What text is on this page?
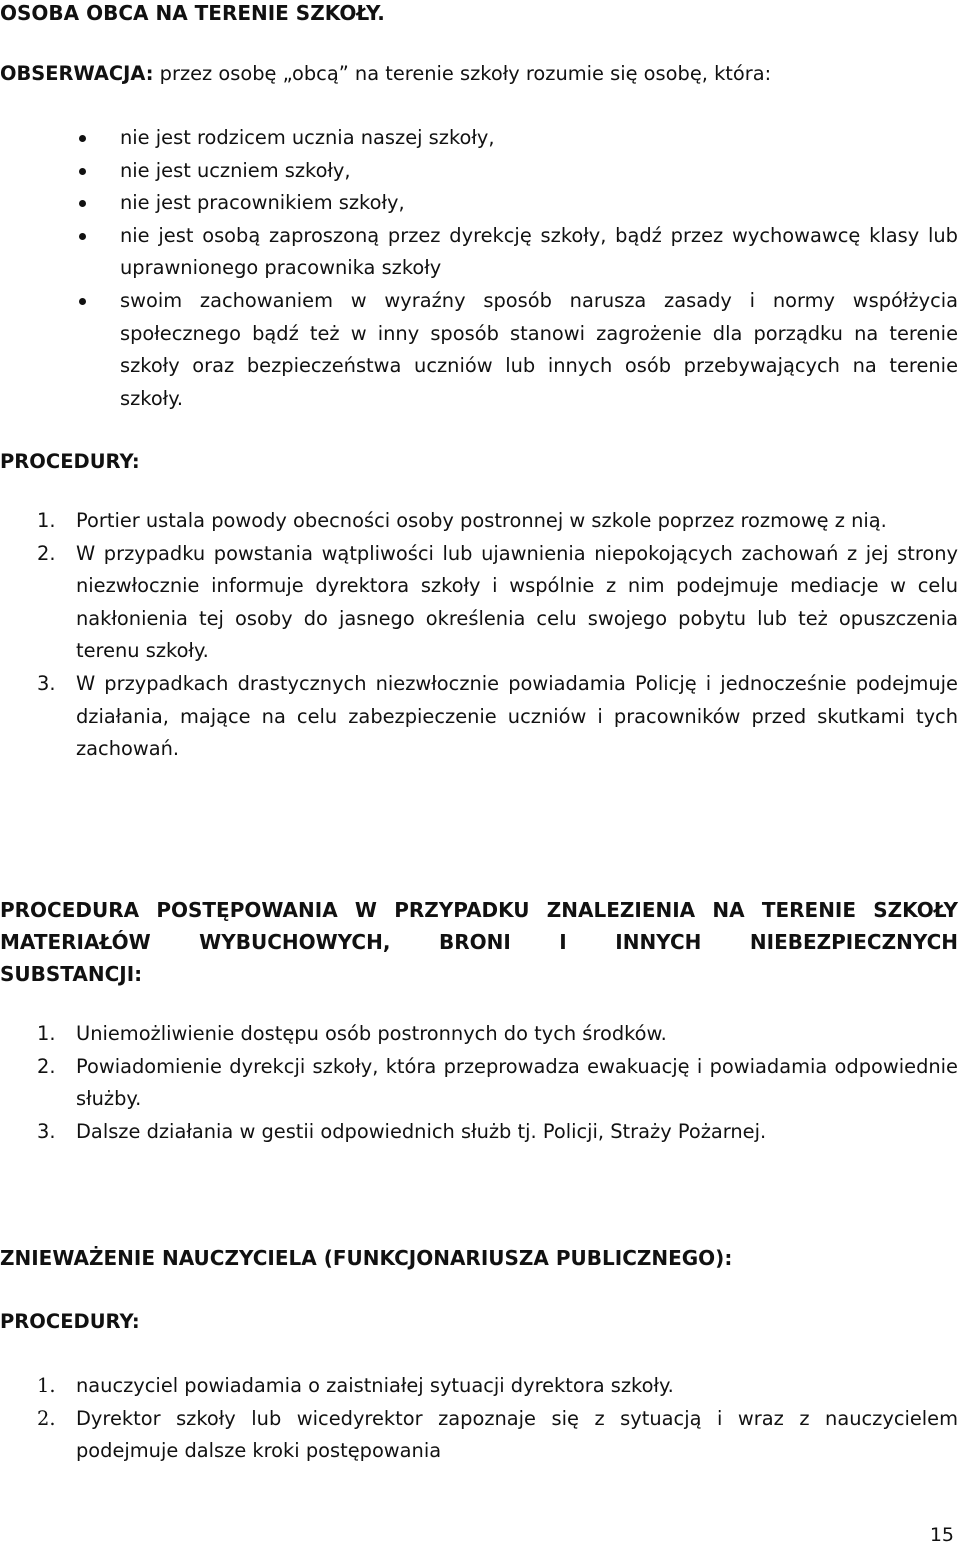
OSOBA OBCA NA TERENIE SZKOŁY.

OBSERWACJA: przez osobę „obcą” na terenie szkoły rozumie się osobę, która:

nie jest rodzicem ucznia naszej szkoły,
nie jest uczniem szkoły,
nie jest pracownikiem szkoły,
nie jest osobą zaproszoną przez dyrekcję szkoły, bądź przez wychowawcę klasy lub uprawnionego pracownika szkoły
swoim zachowaniem w wyraźny sposób narusza zasady i normy współżycia społecznego bądź też w inny sposób stanowi zagrożenie dla porządku na terenie szkoły oraz bezpieczeństwa uczniów lub innych osób przebywających na terenie szkoły.
PROCEDURY:
1. Portier ustala powody obecności osoby postronnej w szkole poprzez rozmowę z nią.
2. W przypadku powstania wątpliwości lub ujawnienia niepokojących zachowań z jej strony niezwłocznie informuje dyrektora szkoły i wspólnie z nim podejmuje mediacje w celu nakłonienia tej osoby do jasnego określenia celu swojego pobytu lub też opuszczenia terenu szkoły.
3. W przypadkach drastycznych niezwłocznie powiadamia Policję i jednocześnie podejmuje działania, mające na celu zabezpieczenie uczniów i pracowników przed skutkami tych zachowań.
PROCEDURA POSTĘPOWANIA W PRZYPADKU ZNALEZIENIA NA TERENIE SZKOŁY
MATERIAŁÓW WYBUCHOWYCH, BRONI I INNYCH NIEBEZPIECZNYCH
SUBSTANCJI:
1. Uniemożliwienie dostępu osób postronnych do tych środków.
2. Powiadomienie dyrekcji szkoły, która przeprowadza ewakuację i powiadamia odpowiednie służby.
3. Dalsze działania w gestii odpowiednich służb tj. Policji, Straży Pożarnej.
ZNIEWAŻENIE NAUCZYCIELA (FUNKCJONARIUSZA PUBLICZNEGO):
PROCEDURY:
1. nauczyciel powiadamia o zaistniałej sytuacji dyrektora szkoły.
2. Dyrektor szkoły lub wicedyrektor zapoznaje się z sytuacją i wraz z nauczycielem podejmuje dalsze kroki postępowania
15
